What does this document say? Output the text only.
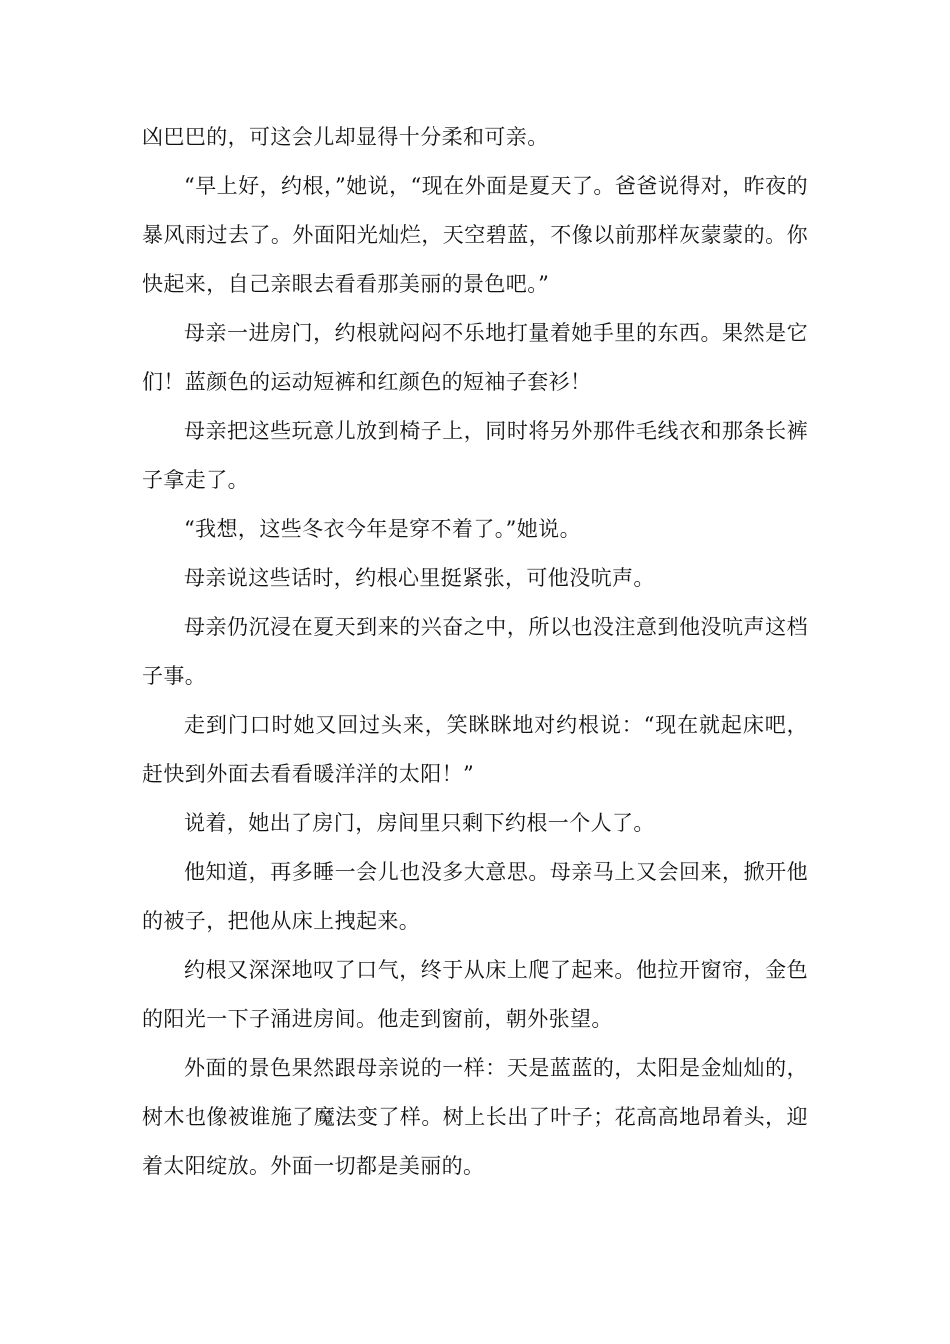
凶巴巴的，可这会儿却显得十分柔和可亲。

“早上好，约根，”她说，“现在外面是夏天了。爸爸说得对，昨夜的暴风雨过去了。外面阳光灿烂，天空碧蓝，不像以前那样灰蒙蒙的。你快起来，自己亲眼去看看那美丽的景色吧。”

母亲一进房门，约根就闷闷不乐地打量着她手里的东西。果然是它们！蓝颜色的运动短裤和红颜色的短袖子套衫！

母亲把这些玩意儿放到椅子上，同时将另外那件毛线衣和那条长裤子拿走了。

“我想，这些冬衣今年是穿不着了。”她说。

母亲说这些话时，约根心里挺紧张，可他没吭声。

母亲仍沉浸在夏天到来的兴奋之中，所以也没注意到他没吭声这档子事。

走到门口时她又回过头来，笑眯眯地对约根说：“现在就起床吧，赶快到外面去看看暖洋洋的太阳！”

说着，她出了房门，房间里只剩下约根一个人了。

他知道，再多睡一会儿也没多大意思。母亲马上又会回来，掀开他的被子，把他从床上拽起来。

约根又深深地叹了口气，终于从床上爬了起来。他拉开窗帘，金色的阳光一下子涌进房间。他走到窗前，朝外张望。

外面的景色果然跟母亲说的一样：天是蓝蓝的，太阳是金灿灿的，树木也像被谁施了魔法变了样。树上长出了叶子；花高高地昂着头，迎着太阳绽放。外面一切都是美丽的。
